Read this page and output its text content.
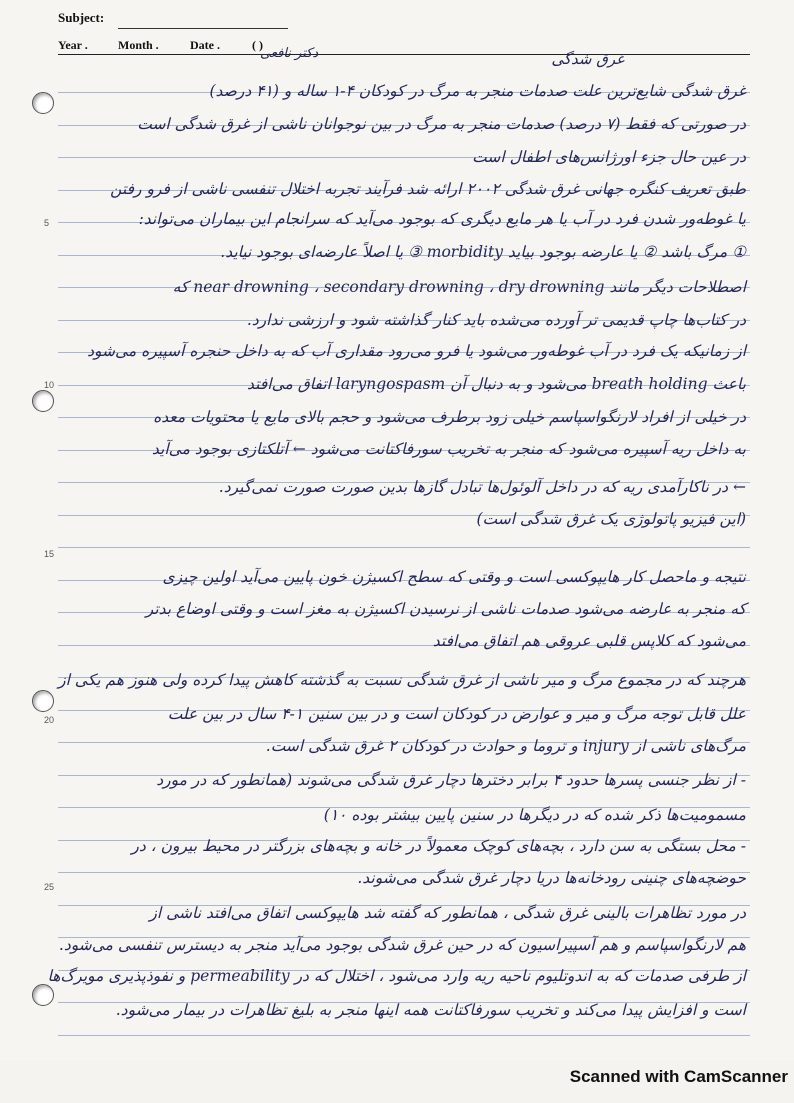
Subject:
Year .	Month .	Date .	( )
دکتر نافعی	غرق شدگی
5
10
15
20
25
غرق شدگی شایع‌ترین علت صدمات منجر به مرگ در کودکان ۴-۱ ساله و (۴۱ درصد)
در صورتی که فقط (۷ درصد) صدمات منجر به مرگ در بین نوجوانان ناشی از غرق شدگی است
در عین حال جزء اورژانس‌های اطفال است
طبق تعریف کنگره جهانی غرق شدگی ۲۰۰۲ ارائه شد فرآیند تجربه اختلال تنفسی ناشی از فرو رفتن
یا غوطه‌ور شدن فرد در آب یا هر مایع دیگری که بوجود می‌آید که سرانجام این بیماران می‌تواند:
① مرگ باشد ② یا عارضه بوجود بیاید morbidity ③ یا اصلاً عارضه‌ای بوجود نیاید.
اصطلاحات دیگر مانند near drowning ، secondary drowning ، dry drowning که
در کتاب‌ها چاپ قدیمی تر آورده می‌شده باید کنار گذاشته شود و ارزشی ندارد.
از زمانیکه یک فرد در آب غوطه‌ور می‌شود یا فرو می‌رود مقداری آب که به داخل حنجره آسپیره می‌شود
باعث breath holding می‌شود و به دنبال آن laryngospasm اتفاق می‌افتد
در خیلی از افراد لارنگواسپاسم خیلی زود برطرف می‌شود و حجم بالای مایع یا محتویات معده
به داخل ریه آسپیره می‌شود که منجر به تخریب سورفاکتانت می‌شود ← آتلکتازی بوجود می‌آید
← در ناکارآمدی ریه که در داخل آلوئول‌ها تبادل گازها بدین صورت صورت نمی‌گیرد.
(این فیزیو پاتولوژی یک غرق شدگی است)
نتیجه و ماحصل کار هایپوکسی است و وقتی که سطح اکسیژن خون پایین می‌آید اولین چیزی
که منجر به عارضه می‌شود صدمات ناشی از نرسیدن اکسیژن به مغز است و وقتی اوضاع بدتر
می‌شود که کلاپس قلبی عروقی هم اتفاق می‌افتد
هرچند که در مجموع مرگ و میر ناشی از غرق شدگی نسبت به گذشته کاهش پیدا کرده ولی هنوز هم یکی از
علل قابل توجه مرگ و میر و عوارض در کودکان است و در بین سنین ۱-۴ سال در بین علت
مرگ‌های ناشی از injury و تروما و حوادث در کودکان ۲ غرق شدگی است.
- از نظر جنسی پسرها حدود ۴ برابر دخترها دچار غرق شدگی می‌شوند (همانطور که در مورد
مسمومیت‌ها ذکر شده که در دیگرها در سنین پایین بیشتر بوده ۱۰)
- محل بستگی به سن دارد ، بچه‌های کوچک معمولاً در خانه و بچه‌های بزرگتر در محیط بیرون ، در
حوضچه‌های چنینی رودخانه‌ها دریا دچار غرق شدگی می‌شوند.
در مورد تظاهرات بالینی غرق شدگی ، همانطور که گفته شد هایپوکسی اتفاق می‌افتد ناشی از
هم لارنگواسپاسم و هم آسپیراسیون که در حین غرق شدگی بوجود می‌آید منجر به دیسترس تنفسی می‌شود.
از طرفی صدمات که به اندوتلیوم ناحیه ریه وارد می‌شود ، اختلال که در permeability و نفوذپذیری مویرگ‌ها
است و افزایش پیدا می‌کند و تخریب سورفاکتانت همه اینها منجر به بلیغ تظاهرات در بیمار می‌شود.
Scanned with CamScanner
